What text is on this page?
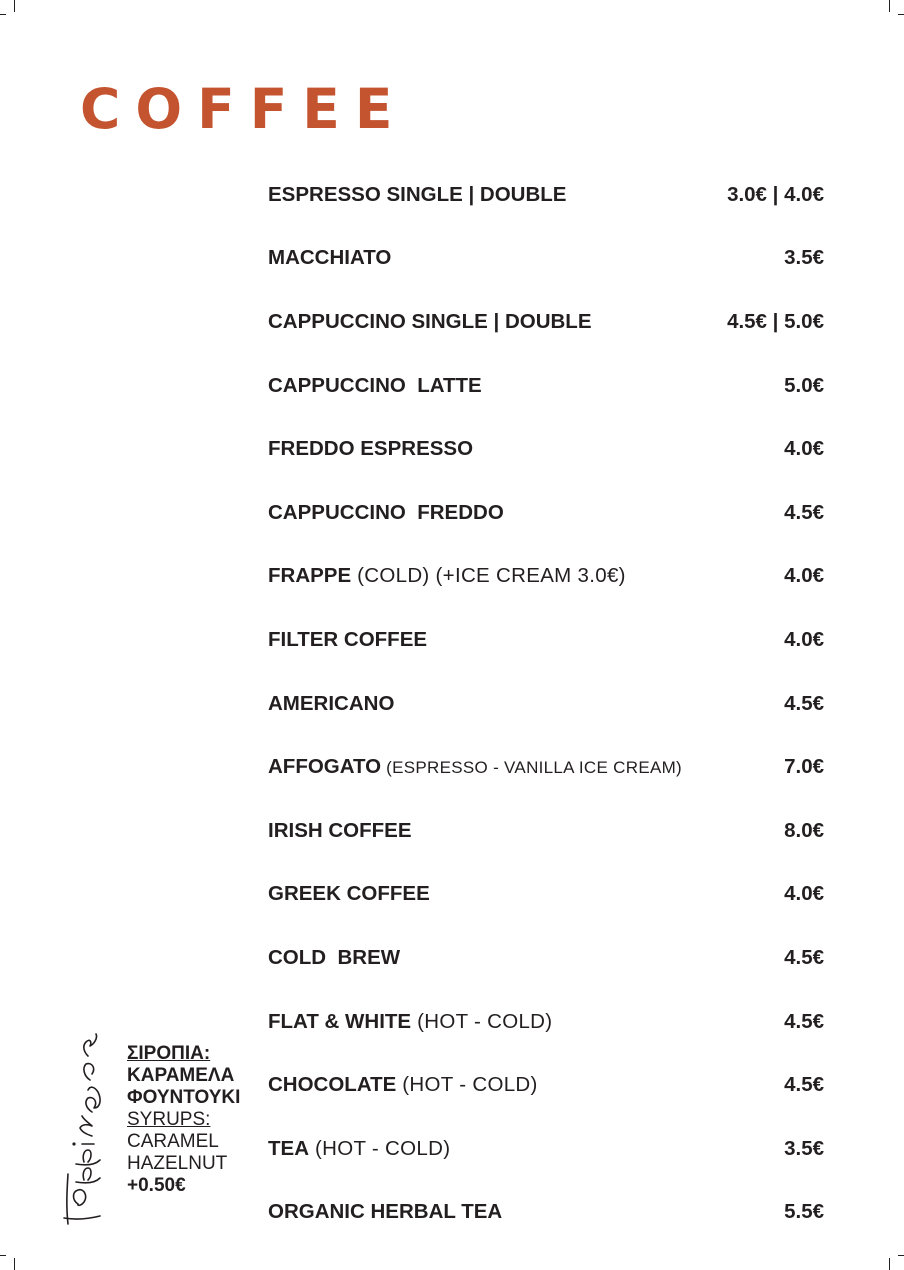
COFFEE
ESPRESSO SINGLE | DOUBLE	3.0€ | 4.0€
MACCHIATO	3.5€
CAPPUCCINO SINGLE | DOUBLE	4.5€ | 5.0€
CAPPUCCINO  LATTE	5.0€
FREDDO ESPRESSO	4.0€
CAPPUCCINO  FREDDO	4.5€
FRAPPE (COLD) (+ICE CREAM 3.0€)	4.0€
FILTER COFFEE	4.0€
AMERICANO	4.5€
AFFOGATO (ESPRESSO - VANILLA ICE CREAM)	7.0€
IRISH COFFEE	8.0€
GREEK COFFEE	4.0€
COLD  BREW	4.5€
FLAT & WHITE (HOT - COLD)	4.5€
CHOCOLATE (HOT - COLD)	4.5€
TEA (HOT - COLD)	3.5€
ORGANIC HERBAL TEA	5.5€
ΣΙΡΟΠΙΑ:
ΚΑΡΑΜΕΛΑ
ΦΟΥΝΤΟΥΚΙ
SYRUPS:
CARAMEL
HAZELNUT
+0.50€
